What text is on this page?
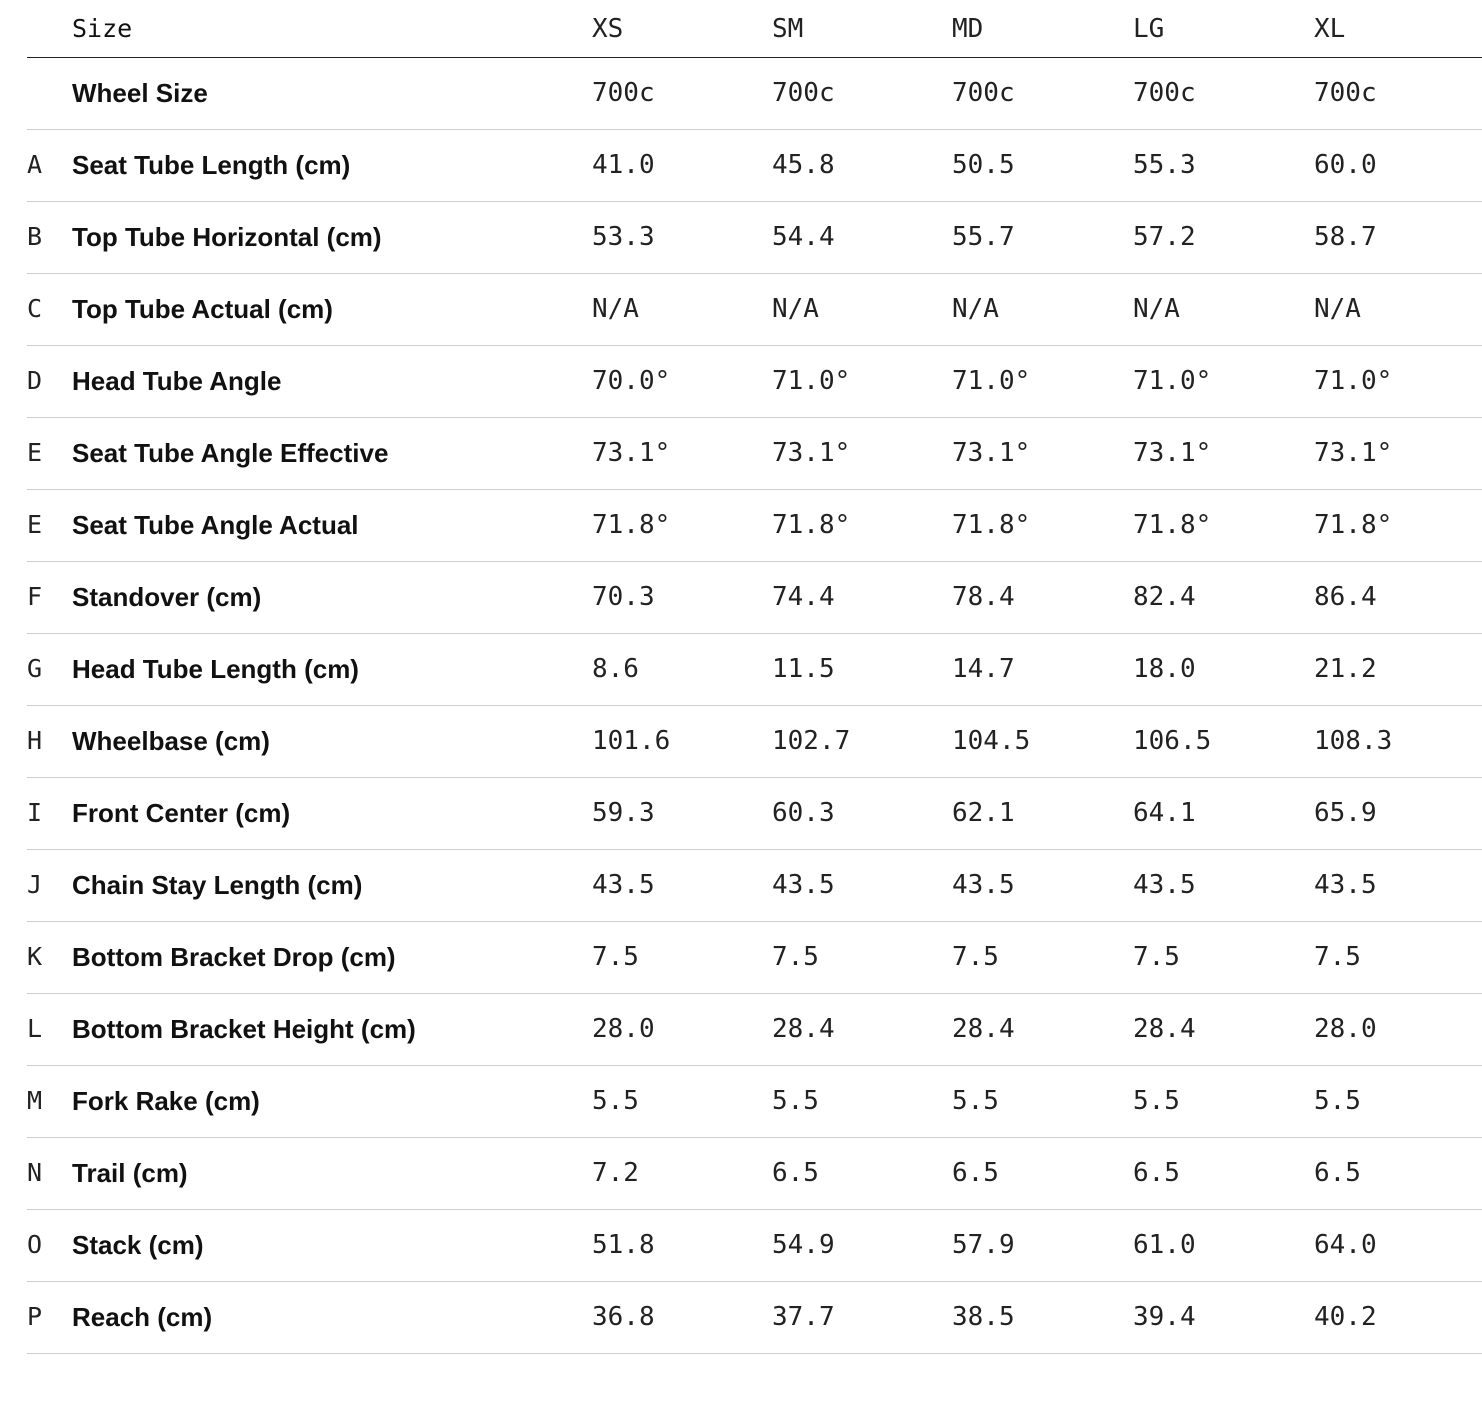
Size	XS	SM	MD	LG	XL
Wheel Size	700c	700c	700c	700c	700c
A Seat Tube Length (cm)	41.0	45.8	50.5	55.3	60.0
B Top Tube Horizontal (cm)	53.3	54.4	55.7	57.2	58.7
C Top Tube Actual (cm)	N/A	N/A	N/A	N/A	N/A
D Head Tube Angle	70.0°	71.0°	71.0°	71.0°	71.0°
E Seat Tube Angle Effective	73.1°	73.1°	73.1°	73.1°	73.1°
E Seat Tube Angle Actual	71.8°	71.8°	71.8°	71.8°	71.8°
F Standover (cm)	70.3	74.4	78.4	82.4	86.4
G Head Tube Length (cm)	8.6	11.5	14.7	18.0	21.2
H Wheelbase (cm)	101.6	102.7	104.5	106.5	108.3
I Front Center (cm)	59.3	60.3	62.1	64.1	65.9
J Chain Stay Length (cm)	43.5	43.5	43.5	43.5	43.5
K Bottom Bracket Drop (cm)	7.5	7.5	7.5	7.5	7.5
L Bottom Bracket Height (cm)	28.0	28.4	28.4	28.4	28.0
M Fork Rake (cm)	5.5	5.5	5.5	5.5	5.5
N Trail (cm)	7.2	6.5	6.5	6.5	6.5
O Stack (cm)	51.8	54.9	57.9	61.0	64.0
P Reach (cm)	36.8	37.7	38.5	39.4	40.2
